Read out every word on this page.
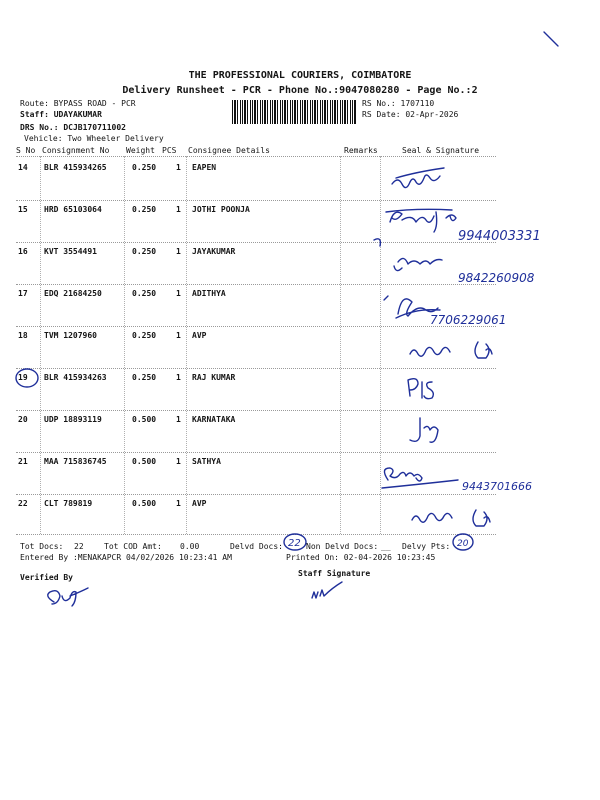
THE PROFESSIONAL COURIERS, COIMBATORE
Delivery Runsheet - PCR - Phone No.:9047080280 - Page No.:2
Route: BYPASS ROAD - PCR
Staff: UDAYAKUMAR
DRS No.: DCJB170711002
Vehicle: Two Wheeler Delivery
RS No.: 1707110
RS Date: 02-Apr-2026
S No Consignment No Weight PCS Consignee Details	Remarks	Seal & Signature
14 BLR 415934265	0.250 1 EAPEN
15 HRD 65103064	0.250 1 JOTHI POONJA
16 KVT 3554491	0.250 1 JAYAKUMAR
17 EDQ 21684250	0.250 1 ADITHYA
18 TVM 1207960	0.250 1 AVP
19 BLR 415934263	0.250 1 RAJ KUMAR
20 UDP 18893119	0.500 1 KARNATAKA
21 MAA 715836745	0.500 1 SATHYA
22 CLT 789819	0.500 1 AVP
Tot Docs: 22	Tot COD Amt: 0.00	Delvd Docs:	Non Delvd Docs: __ Delvy Pts:
Entered By :MENAKAPCR 04/02/2026 10:23:41 AM	Printed On: 02-04-2026 10:23:45
Verified By	Staff Signature
9944003331
9842260908
7706229061
9443701666
22	20
